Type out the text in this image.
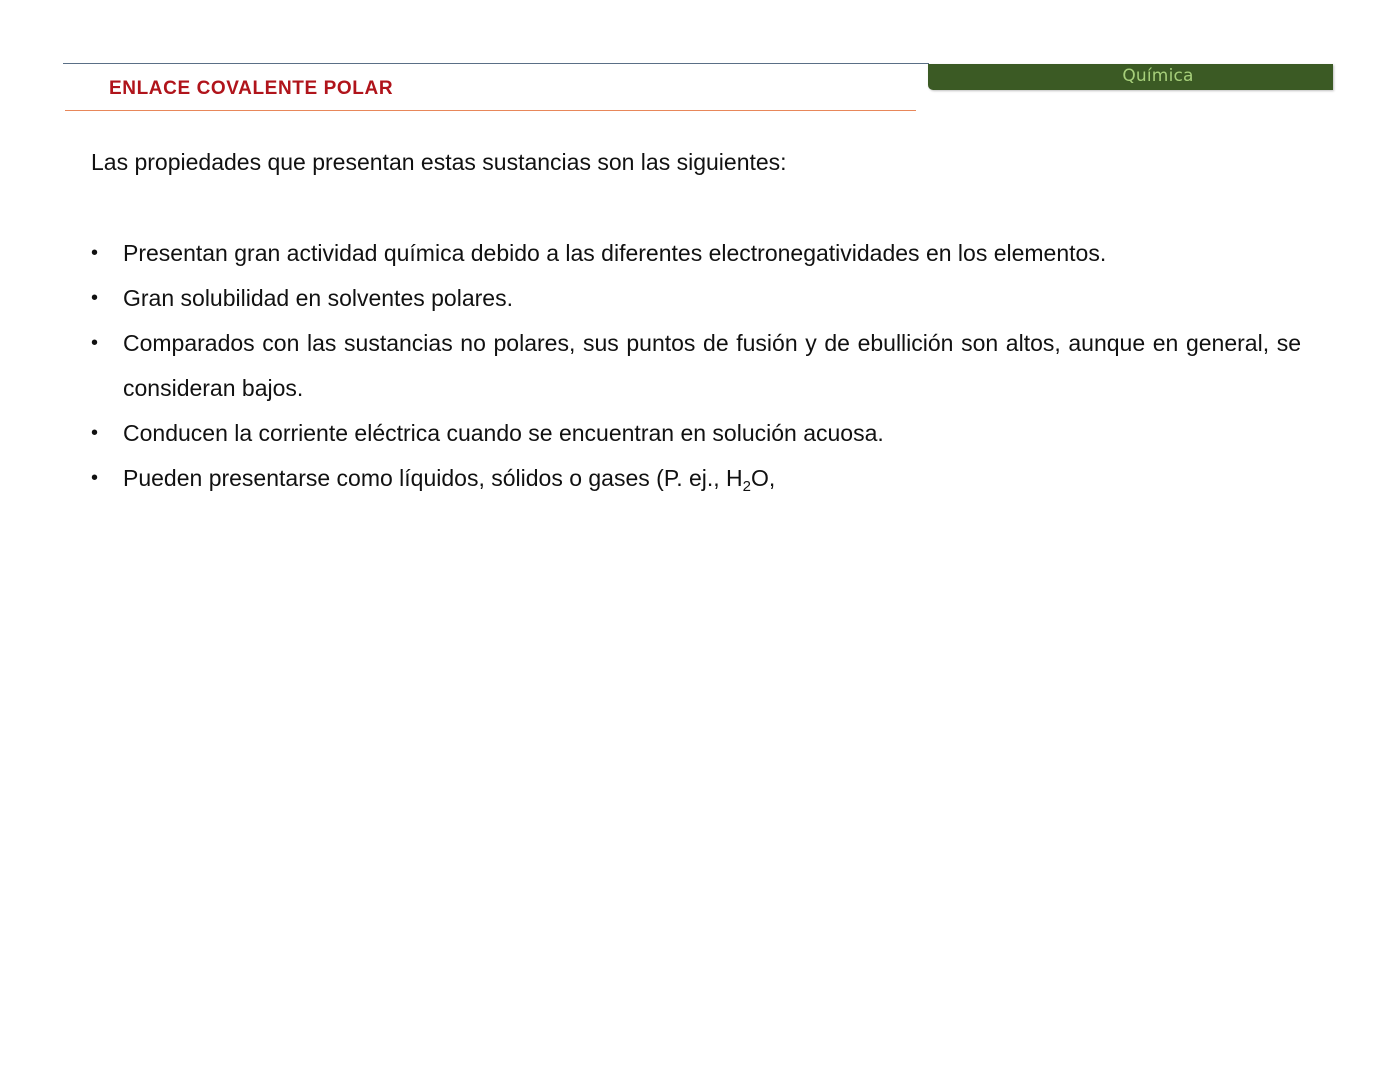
Química
ENLACE COVALENTE POLAR

Las propiedades que presentan estas sustancias son las siguientes:

• Presentan gran actividad química debido a las diferentes electronegatividades en los elementos.
• Gran solubilidad en solventes polares.
• Comparados con las sustancias no polares, sus puntos de fusión y de ebullición son altos, aunque en general, se consideran bajos.
• Conducen la corriente eléctrica cuando se encuentran en solución acuosa.
• Pueden presentarse como líquidos, sólidos o gases (P. ej., $H_2O$,
